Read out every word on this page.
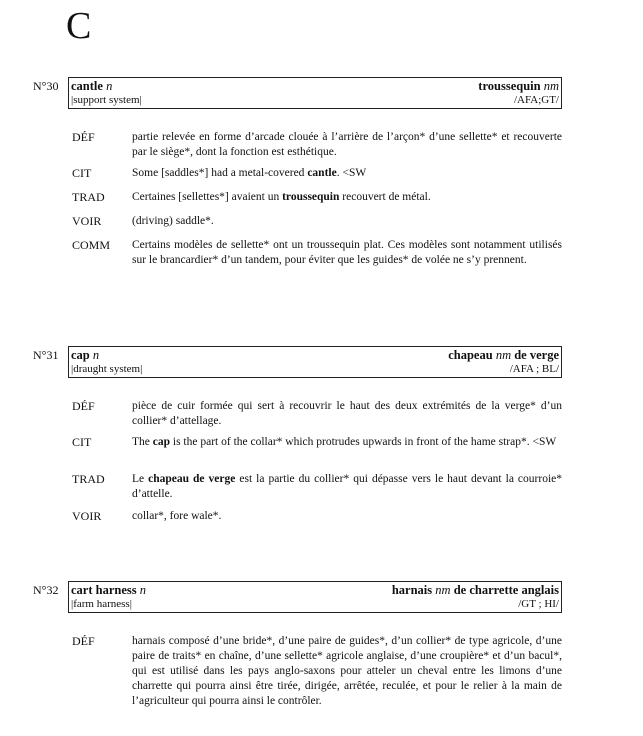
C
N°30 cantle n	troussequin nm
|support system|	/AFA;GT/
DÉF	partie relevée en forme d’arcade clouée à l’arrière de l’arçon* d’une sellette* et recouverte par le siège*, dont la fonction est esthétique.
CIT	Some [saddles*] had a metal-covered cantle. <SW
TRAD Certaines [sellettes*] avaient un troussequin recouvert de métal.
VOIR	(driving) saddle*.
COMM Certains modèles de sellette* ont un troussequin plat. Ces modèles sont notamment utilisés sur le brancardier* d’un tandem, pour éviter que les guides* de volée ne s’y prennent.
N°31 cap n	chapeau nm de verge
|draught system|	/AFA ; BL/
DÉF	pièce de cuir formée qui sert à recouvrir le haut des deux extrémités de la verge* d’un collier* d’attellage.
CIT	The cap is the part of the collar* which protrudes upwards in front of the hame strap*. <SW
TRAD Le chapeau de verge est la partie du collier* qui dépasse vers le haut devant la courroie* d’attelle.
VOIR	collar*, fore wale*.
N°32 cart harness n	harnais nm de charrette anglais
|farm harness|	/GT ; HI/
DÉF	harnais composé d’une bride*, d’une paire de guides*, d’un collier* de type agricole, d’une paire de traits* en chaîne, d’une sellette* agricole anglaise, d’une croupière* et d’un bacul*, qui est utilisé dans les pays anglo-saxons pour atteler un cheval entre les limons d’une charrette qui pourra ainsi être tirée, dirigée, arrêtée, reculée, et pour le relier à la main de l’agriculteur qui pourra ainsi le contrôler.
